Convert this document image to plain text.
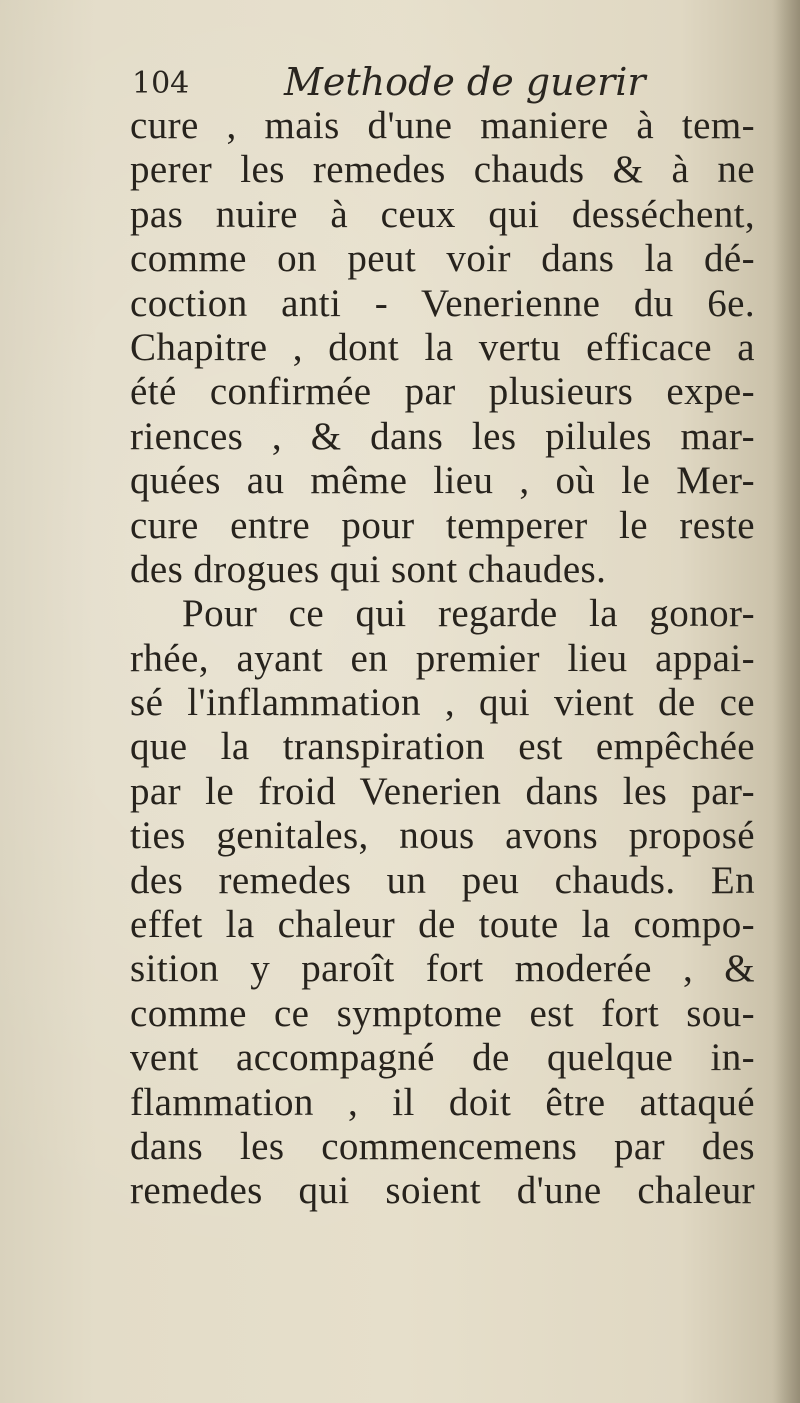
104 Methode de guerir
cure , mais d'une maniere à tem-
perer les remedes chauds & à ne
pas nuire à ceux qui desséchent,
comme on peut voir dans la dé-
coction anti - Venerienne du 6e.
Chapitre , dont la vertu efficace a
été confirmée par plusieurs expe-
riences , & dans les pilules mar-
quées au même lieu , où le Mer-
cure entre pour temperer le reste
des drogues qui sont chaudes.
Pour ce qui regarde la gonor-
rhée, ayant en premier lieu appai-
sé l'inflammation , qui vient de ce
que la transpiration est empêchée
par le froid Venerien dans les par-
ties genitales, nous avons proposé
des remedes un peu chauds. En
effet la chaleur de toute la compo-
sition y paroît fort moderée , &
comme ce symptome est fort sou-
vent accompagné de quelque in-
flammation , il doit être attaqué
dans les commencemens par des
remedes qui soient d'une chaleur
